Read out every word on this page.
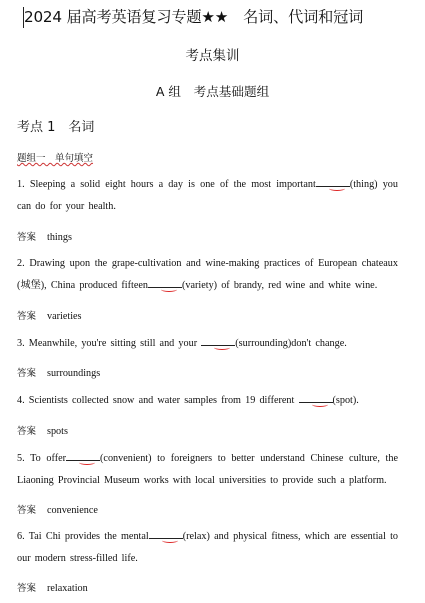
2024 届高考英语复习专题★★　名词、代词和冠词
考点集训
A 组　考点基础题组
考点 1　名词
题组一　单句填空
1. Sleeping a solid eight hours a day is one of the most important	(thing) you can do for your health.
答案 things
2. Drawing upon the grape-cultivation and wine-making practices of European chateaux (城堡), China produced fifteen	(variety) of brandy, red wine and white wine.
答案 varieties
3. Meanwhile, you're sitting still and your	(surrounding)don't change.
答案 surroundings
4. Scientists collected snow and water samples from 19 different	(spot).
答案 spots
5. To offer	(convenient) to foreigners to better understand Chinese culture, the Liaoning Provincial Museum works with local universities to provide such a platform.
答案 convenience
6. Tai Chi provides the mental	(relax) and physical fitness, which are essential to our modern stress-filled life.
答案 relaxation
